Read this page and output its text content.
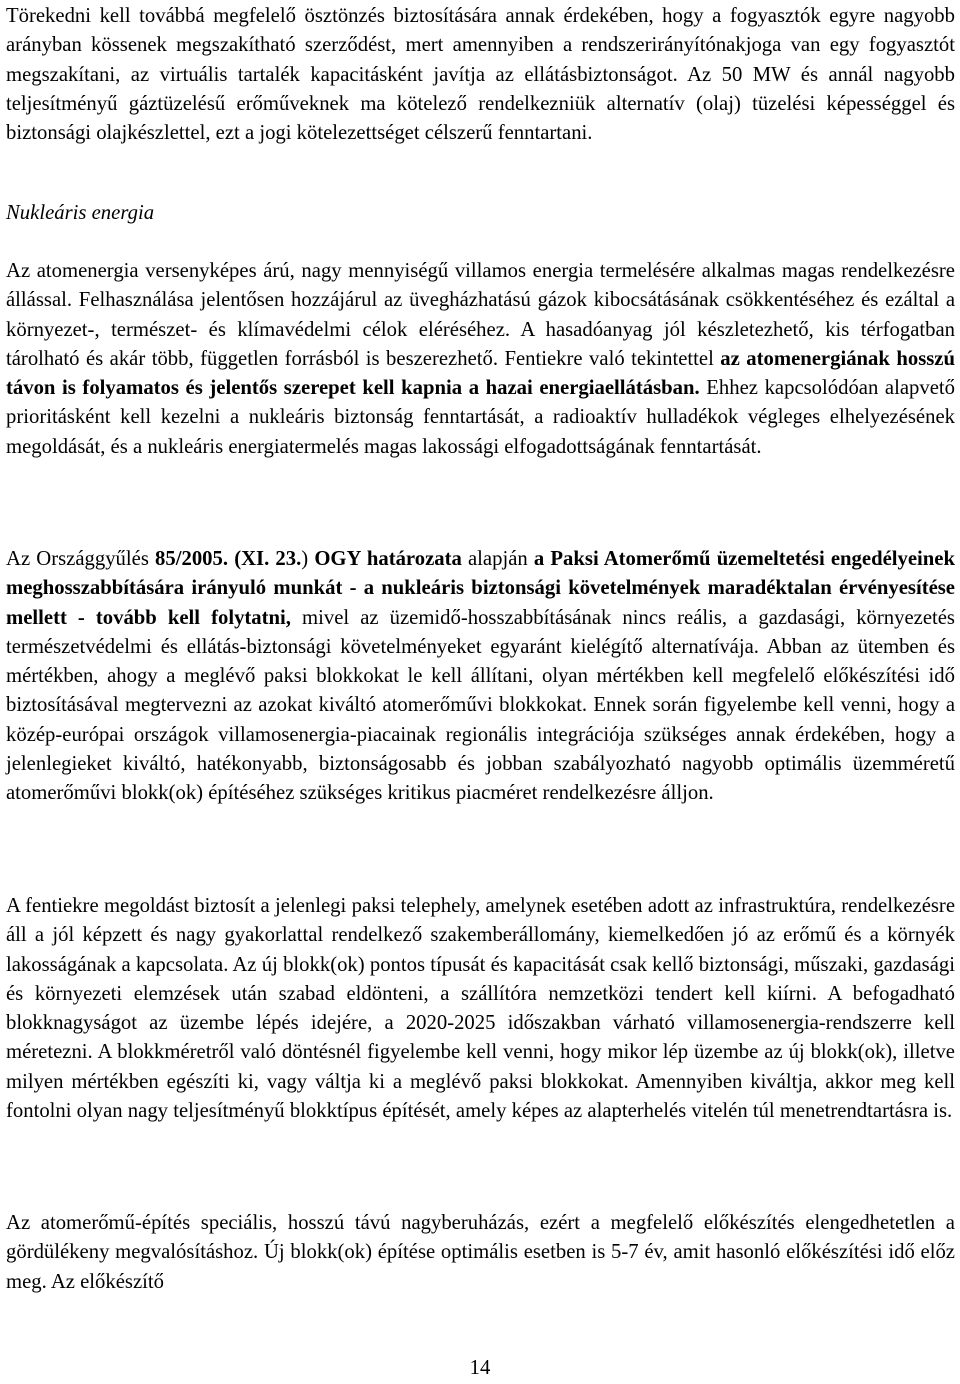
Törekedni kell továbbá megfelelő ösztönzés biztosítására annak érdekében, hogy a fogyasztók egyre nagyobb arányban kössenek megszakítható szerződést, mert amennyiben a rendszerirányítónakjoga van egy fogyasztót megszakítani, az virtuális tartalék kapacitásként javítja az ellátásbiztonságot. Az 50 MW és annál nagyobb teljesítményű gáztüzelésű erőműveknek ma kötelező rendelkezniük alternatív (olaj) tüzelési képességgel és biztonsági olajkészlettel, ezt a jogi kötelezettséget célszerű fenntartani.

Nukleáris energia

Az atomenergia versenyképes árú, nagy mennyiségű villamos energia termelésére alkalmas magas rendelkezésre állással. Felhasználása jelentősen hozzájárul az üvegházhatású gázok kibocsátásának csökkentéséhez és ezáltal a környezet-, természet- és klímavédelmi célok eléréséhez. A hasadóanyag jól készletezhető, kis térfogatban tárolható és akár több, független forrásból is beszerezhető. Fentiekre való tekintettel az atomenergiának hosszú távon is folyamatos és jelentős szerepet kell kapnia a hazai energiaellátásban. Ehhez kapcsolódóan alapvető prioritásként kell kezelni a nukleáris biztonság fenntartását, a radioaktív hulladékok végleges elhelyezésének megoldását, és a nukleáris energiatermelés magas lakossági elfogadottságának fenntartását.

Az Országgyűlés 85/2005. (XI. 23.) OGY határozata alapján a Paksi Atomerőmű üzemeltetési engedélyeinek meghosszabbítására irányuló munkát - a nukleáris biztonsági követelmények maradéktalan érvényesítése mellett - tovább kell folytatni, mivel az üzemidő-hosszabbításának nincs reális, a gazdasági, környezetés természetvédelmi és ellátás-biztonsági követelményeket egyaránt kielégítő alternatívája. Abban az ütemben és mértékben, ahogy a meglévő paksi blokkokat le kell állítani, olyan mértékben kell megfelelő előkészítési idő biztosításával megtervezni az azokat kiváltó atomerőművi blokkokat. Ennek során figyelembe kell venni, hogy a közép-európai országok villamosenergia-piacainak regionális integrációja szükséges annak érdekében, hogy a jelenlegieket kiváltó, hatékonyabb, biztonságosabb és jobban szabályozható nagyobb optimális üzemméretű atomerőművi blokk(ok) építéséhez szükséges kritikus piacméret rendelkezésre álljon.

A fentiekre megoldást biztosít a jelenlegi paksi telephely, amelynek esetében adott az infrastruktúra, rendelkezésre áll a jól képzett és nagy gyakorlattal rendelkező szakemberállomány, kiemelkedően jó az erőmű és a környék lakosságának a kapcsolata. Az új blokk(ok) pontos típusát és kapacitását csak kellő biztonsági, műszaki, gazdasági és környezeti elemzések után szabad eldönteni, a szállítóra nemzetközi tendert kell kiírni. A befogadható blokknagyságot az üzembe lépés idejére, a 2020-2025 időszakban várható villamosenergia-rendszerre kell méretezni. A blokkméretről való döntésnél figyelembe kell venni, hogy mikor lép üzembe az új blokk(ok), illetve milyen mértékben egészíti ki, vagy váltja ki a meglévő paksi blokkokat. Amennyiben kiváltja, akkor meg kell fontolni olyan nagy teljesítményű blokktípus építését, amely képes az alapterhelés vitelén túl menetrendtartásra is.

Az atomerőmű-építés speciális, hosszú távú nagyberuházás, ezért a megfelelő előkészítés elengedhetetlen a gördülékeny megvalósításhoz. Új blokk(ok) építése optimális esetben is 5-7 év, amit hasonló előkészítési idő előz meg. Az előkészítő

14
